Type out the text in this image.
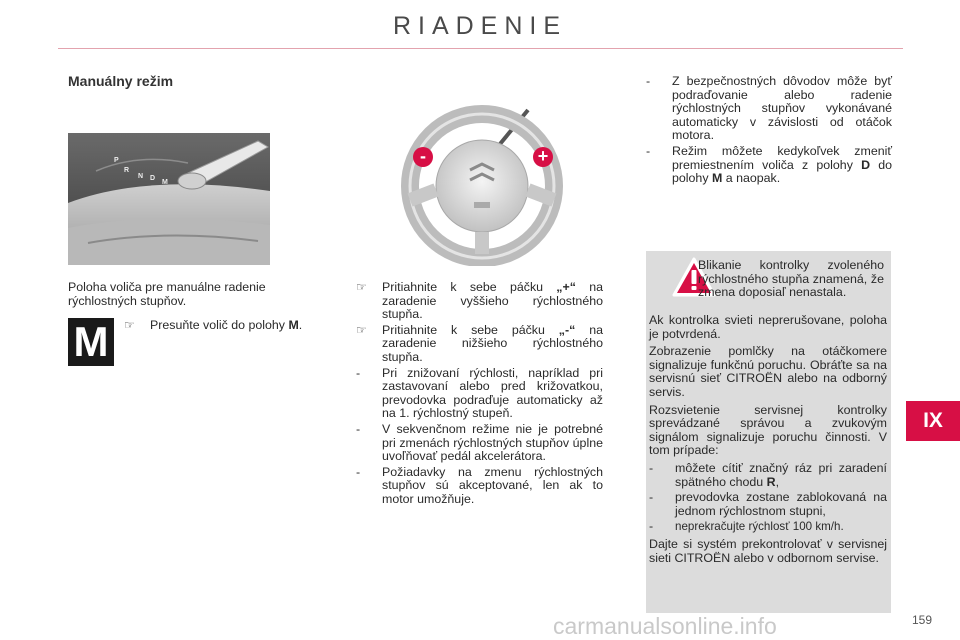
RIADENIE
Manuálny režim
P
R
N D
M
-	+
Poloha voliča pre manuálne radenie rýchlostných stupňov.
M	☞	Presuňte volič do polohy M.
☞	Pritiahnite k sebe páčku „+“ na zaradenie vyššieho rýchlostného stupňa.
☞	Pritiahnite k sebe páčku „-“ na zaradenie nižšieho rýchlostného stupňa.
- Pri znižovaní rýchlosti, napríklad pri zastavovaní alebo pred križovatkou, prevodovka podraďuje automaticky až na 1. rýchlostný stupeň.
- V sekvenčnom režime nie je potrebné pri zmenách rýchlostných stupňov úplne uvoľňovať pedál akcelerátora.
- Požiadavky na zmenu rýchlostných stupňov sú akceptované, len ak to motor umožňuje.
- Z bezpečnostných dôvodov môže byť podraďovanie alebo radenie rýchlostných stupňov vykonávané automaticky v závislosti od otáčok motora.
- Režim môžete kedykoľvek zmeniť premiestnením voliča z polohy D do polohy M a naopak.
Blikanie kontrolky zvoleného rýchlostného stupňa znamená, že zmena doposiaľ nenastala.
Ak kontrolka svieti neprerušovane, poloha je potvrdená.
Zobrazenie pomlčky na otáčkomere signalizuje funkčnú poruchu. Obráťte sa na servisnú sieť CITROËN alebo na odborný servis.
Rozsvietenie servisnej kontrolky sprevádzané správou a zvukovým signálom signalizuje poruchu činnosti. V tom prípade:
- môžete cítiť značný ráz pri zaradení spätného chodu R,
- prevodovka zostane zablokovaná na jednom rýchlostnom stupni,
- neprekračujte rýchlosť 100 km/h.
Dajte si systém prekontrolovať v servisnej sieti CITROËN alebo v odbornom servise.
IX
carmanualsonline.info	159
